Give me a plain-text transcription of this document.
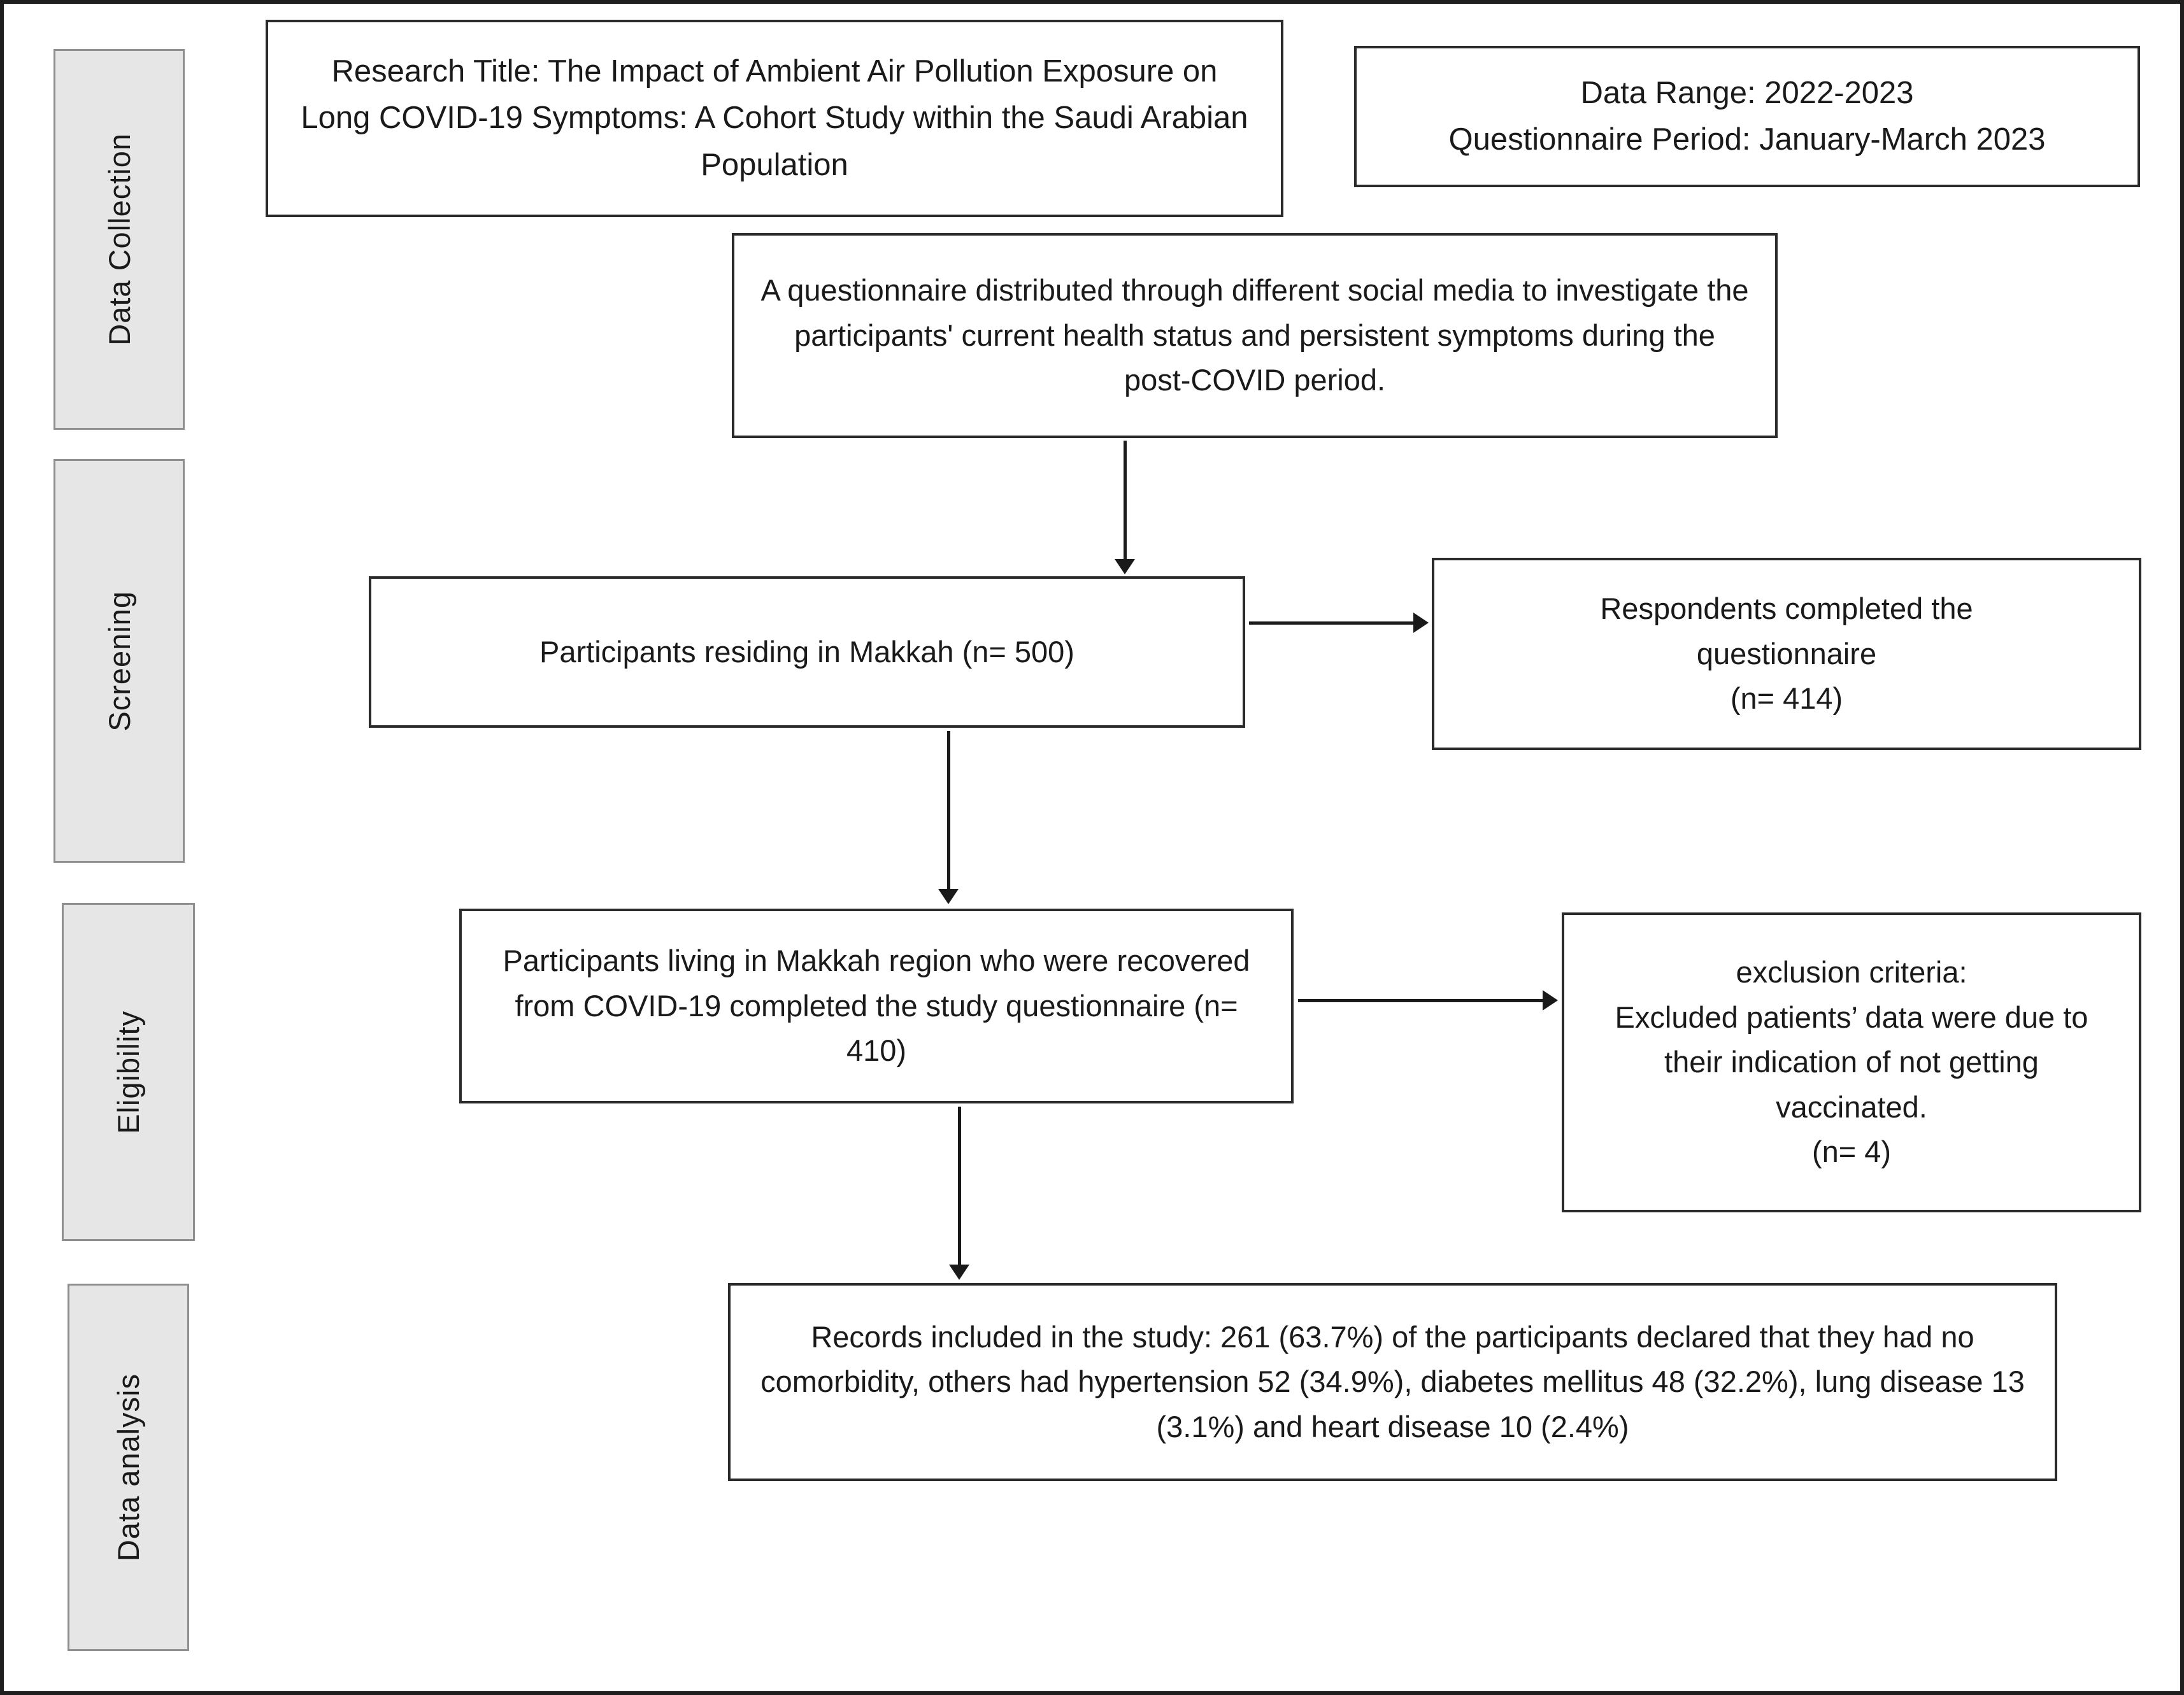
Data Collection
Screening
Eligibility
Data analysis
Research Title: The Impact of Ambient Air Pollution Exposure on Long COVID-19 Symptoms: A Cohort Study within the Saudi Arabian Population
Data Range: 2022-2023
Questionnaire Period: January-March 2023
A questionnaire distributed through different social media to investigate the participants' current health status and persistent symptoms during the post-COVID period.
Participants residing in Makkah (n= 500)
Respondents completed the questionnaire
(n= 414)
Participants living in Makkah region who were recovered from COVID-19 completed the study questionnaire (n= 410)
exclusion criteria:
Excluded patients’ data were due to their indication of not getting vaccinated.
(n= 4)
Records included in the study: 261 (63.7%) of the participants declared that they had no comorbidity, others had hypertension 52 (34.9%), diabetes mellitus 48 (32.2%), lung disease 13 (3.1%) and heart disease 10 (2.4%)
